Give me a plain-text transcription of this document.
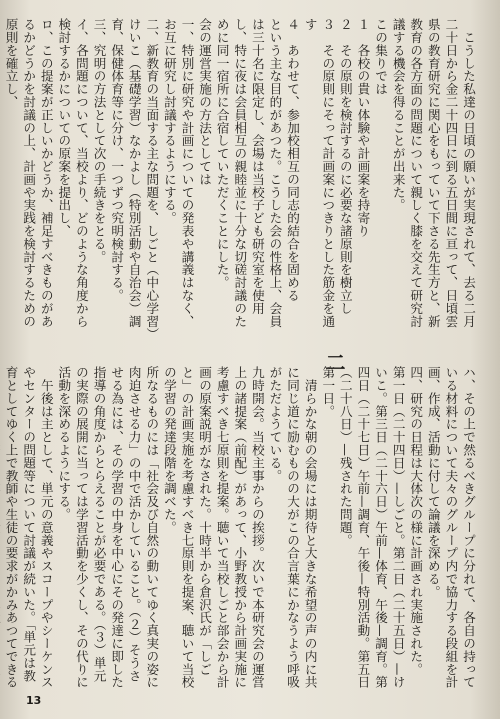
　こうした私達の日頃の願いが実現されて、去る二月二十日から金二十四日に到る五日間に亘って、日頃雲県の教育研究に関心をもっていて下さる先生方と、新教育の各方面の問題について親しく膝を交えて研究討議する機会を得ることが出来た。
この集りでは
１　各校の貴い体験や計画案を持寄り
２　その原則を検討するのに必要な諸原則を樹立し
３　その原則にそって計画案につきりとした筋金を通す
４　あわせて、参加校相互の同志的結合を固める
という主な目的があつた。こうした会の性格上、会員は三十名に限定し、会場は当校子ども研究室を使用し、特に夜は会員相互の親睦並に十分な切磋討議のために同一宿所に合宿していただくことにした。
会の運営実施の方法としては
一、特別に研究や計画についての発表や講義はなく、お互に研究し討議するようにする。
二、新教育の当面する主な問題を、しごと（中心学習）けいこ（基礎学習）なかよし（特別活動や自治会）調育、保健体育等に分け、一つずつ究明検討する。
三、究明の方法として次の手続きをとる。
イ、各問題について、当校より、どのような角度から検討するかについての原案を提出し、
ロ、この提案が正しいかどうか、補足すべきものがあるかどうかを討議の上、計画や実践を検討するための原則を確立し、
二
ハ、その上で然るべきグループに分れて、各自の持っている材料について夫々のグループ内で協力する段組を計画、作成、活動に付して論議を深める。
四、研究の日程は大体次の様に計画され実施された。
第一日（二十四日）—しごと。第二日（二十五日）—けいこ。第三日（二十六日）午前—体育、午後—調育。第四日（二十七日）午前—調育、午後—特別活動。第五日（二十八日）—残された問題。
第一日。
　清らかな朝の会場には期待と大きな希望の声の内に共に同じ道に励むものの大がこの合言葉にかなうよう呼吸がただようている。
九時開会。当校主事からの挨拶。次いで本研究会の運営上の諸提案（前配）があって、小野教授から計画実施に考慮すべき七原則を提案。聴いて当校しごと部会から計画の原案説明がなされた。十時半から倉沢氏が「しごと」の計画実施を考慮すべき七原則を提案、聴いて当校の学習の発達段階を調べた。
所なるものには「社会及び自然の動いてゆく真実の姿に肉迫させる力」の中で活かしていること。（２）そうさせる為には、その学習の中身を中心にその発達に即した指導の角度からとらえることが必要である。（３）単元の実際の展開に当っては学習活動を少くし、その代りに活動を深めるようにする。
　午後は主として、単元の意義やスコープやシーケンスやセンターの問題等について討議が続いた。「単元は教育としてゆく上で教師や生徒の要求がかみあつてできる
13
